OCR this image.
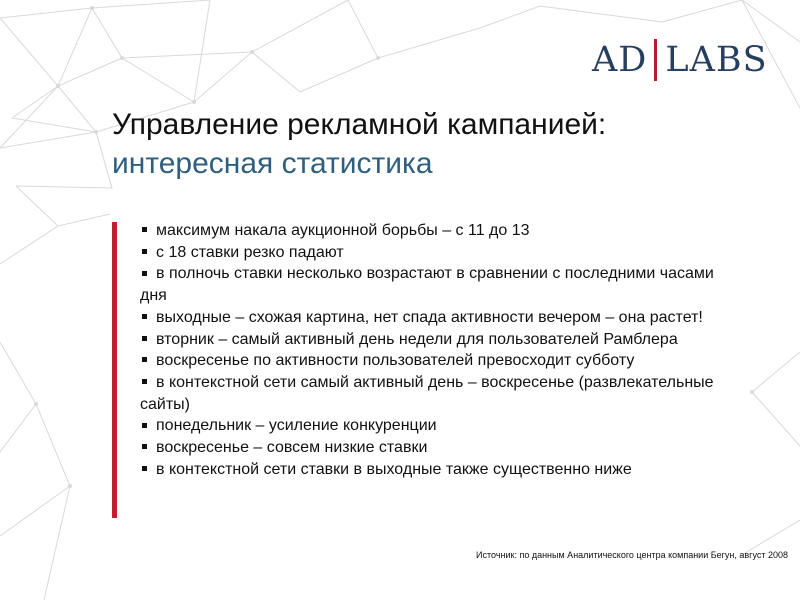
AD LABS
Управление рекламной кампанией:
интересная статистика
максимум накала аукционной борьбы – с 11 до 13
с 18 ставки резко падают
в полночь ставки несколько возрастают в сравнении с последними часами дня
выходные – схожая картина, нет спада активности вечером – она растет!
вторник – самый активный день недели для пользователей Рамблера
воскресенье по активности пользователей превосходит субботу
в контекстной сети самый активный день – воскресенье (развлекательные сайты)
понедельник – усиление конкуренции
воскресенье – совсем низкие ставки
в контекстной сети ставки в выходные также существенно ниже

Источник: по данным Аналитического центра компании Бегун, август 2008
